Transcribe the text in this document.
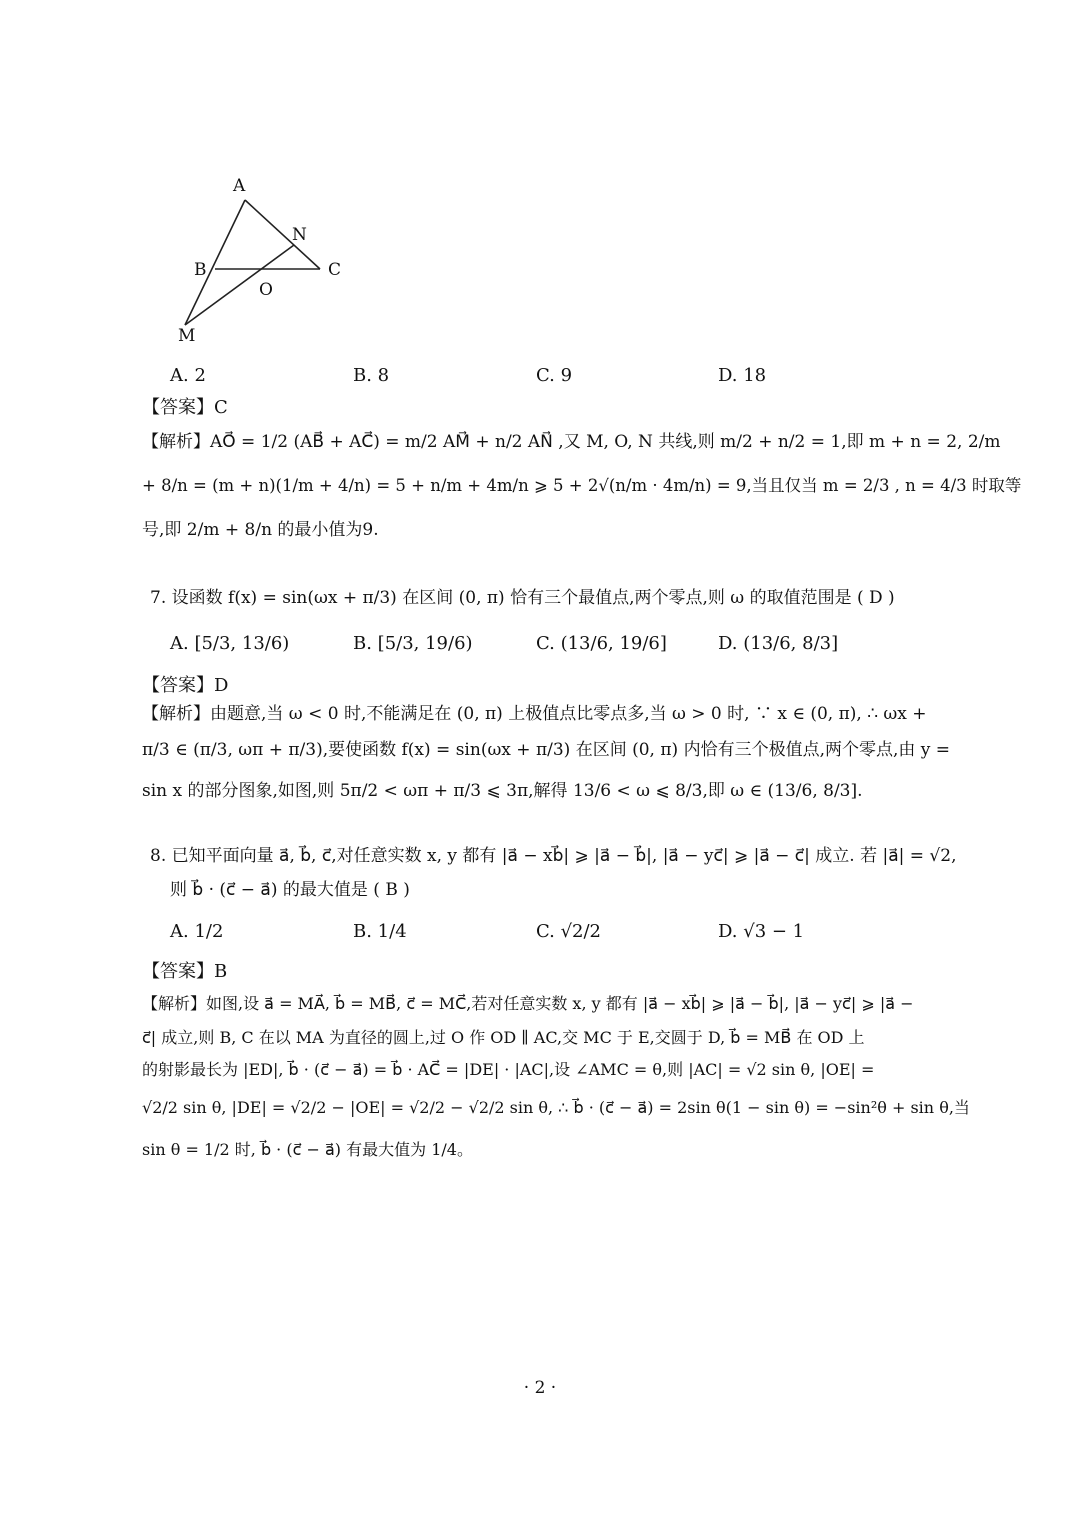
A
N
B	C
O
M
A. 2	B. 8	C. 9	D. 18
【答案】C
【解析】AO⃗ = 1/2 (AB⃗ + AC⃗) = m/2 AM⃗ + n/2 AN⃗ ,又 M, O, N 共线,则 m/2 + n/2 = 1,即 m + n = 2, 2/m
+ 8/n = (m + n)(1/m + 4/n) = 5 + n/m + 4m/n ⩾ 5 + 2√(n/m · 4m/n) = 9,当且仅当 m = 2/3 , n = 4/3 时取等
号,即 2/m + 8/n 的最小值为9.
7. 设函数 f(x) = sin(ωx + π/3) 在区间 (0, π) 恰有三个最值点,两个零点,则 ω 的取值范围是 ( D )
A. [5/3, 13/6)	B. [5/3, 19/6)	C. (13/6, 19/6]	D. (13/6, 8/3]
【答案】D
【解析】由题意,当 ω < 0 时,不能满足在 (0, π) 上极值点比零点多,当 ω > 0 时, ∵ x ∈ (0, π), ∴ ωx +
π/3 ∈ (π/3, ωπ + π/3),要使函数 f(x) = sin(ωx + π/3) 在区间 (0, π) 内恰有三个极值点,两个零点,由 y =
sin x 的部分图象,如图,则 5π/2 < ωπ + π/3 ⩽ 3π,解得 13/6 < ω ⩽ 8/3,即 ω ∈ (13/6, 8/3].
8. 已知平面向量 a⃗, b⃗, c⃗,对任意实数 x, y 都有 |a⃗ − xb⃗| ⩾ |a⃗ − b⃗|, |a⃗ − yc⃗| ⩾ |a⃗ − c⃗| 成立. 若 |a⃗| = √2,
则 b⃗ · (c⃗ − a⃗) 的最大值是 ( B )
A. 1/2	B. 1/4	C. √2/2	D. √3 − 1
【答案】B
【解析】如图,设 a⃗ = MA⃗, b⃗ = MB⃗, c⃗ = MC⃗,若对任意实数 x, y 都有 |a⃗ − xb⃗| ⩾ |a⃗ − b⃗|, |a⃗ − yc⃗| ⩾ |a⃗ −
c⃗| 成立,则 B, C 在以 MA 为直径的圆上,过 O 作 OD ∥ AC,交 MC 于 E,交圆于 D, b⃗ = MB⃗ 在 OD 上
的射影最长为 |ED|, b⃗ · (c⃗ − a⃗) = b⃗ · AC⃗ = |DE| · |AC|,设 ∠AMC = θ,则 |AC| = √2 sin θ, |OE| =
√2/2 sin θ, |DE| = √2/2 − |OE| = √2/2 − √2/2 sin θ, ∴ b⃗ · (c⃗ − a⃗) = 2sin θ(1 − sin θ) = −sin²θ + sin θ,当
sin θ = 1/2 时, b⃗ · (c⃗ − a⃗) 有最大值为 1/4。
· 2 ·
